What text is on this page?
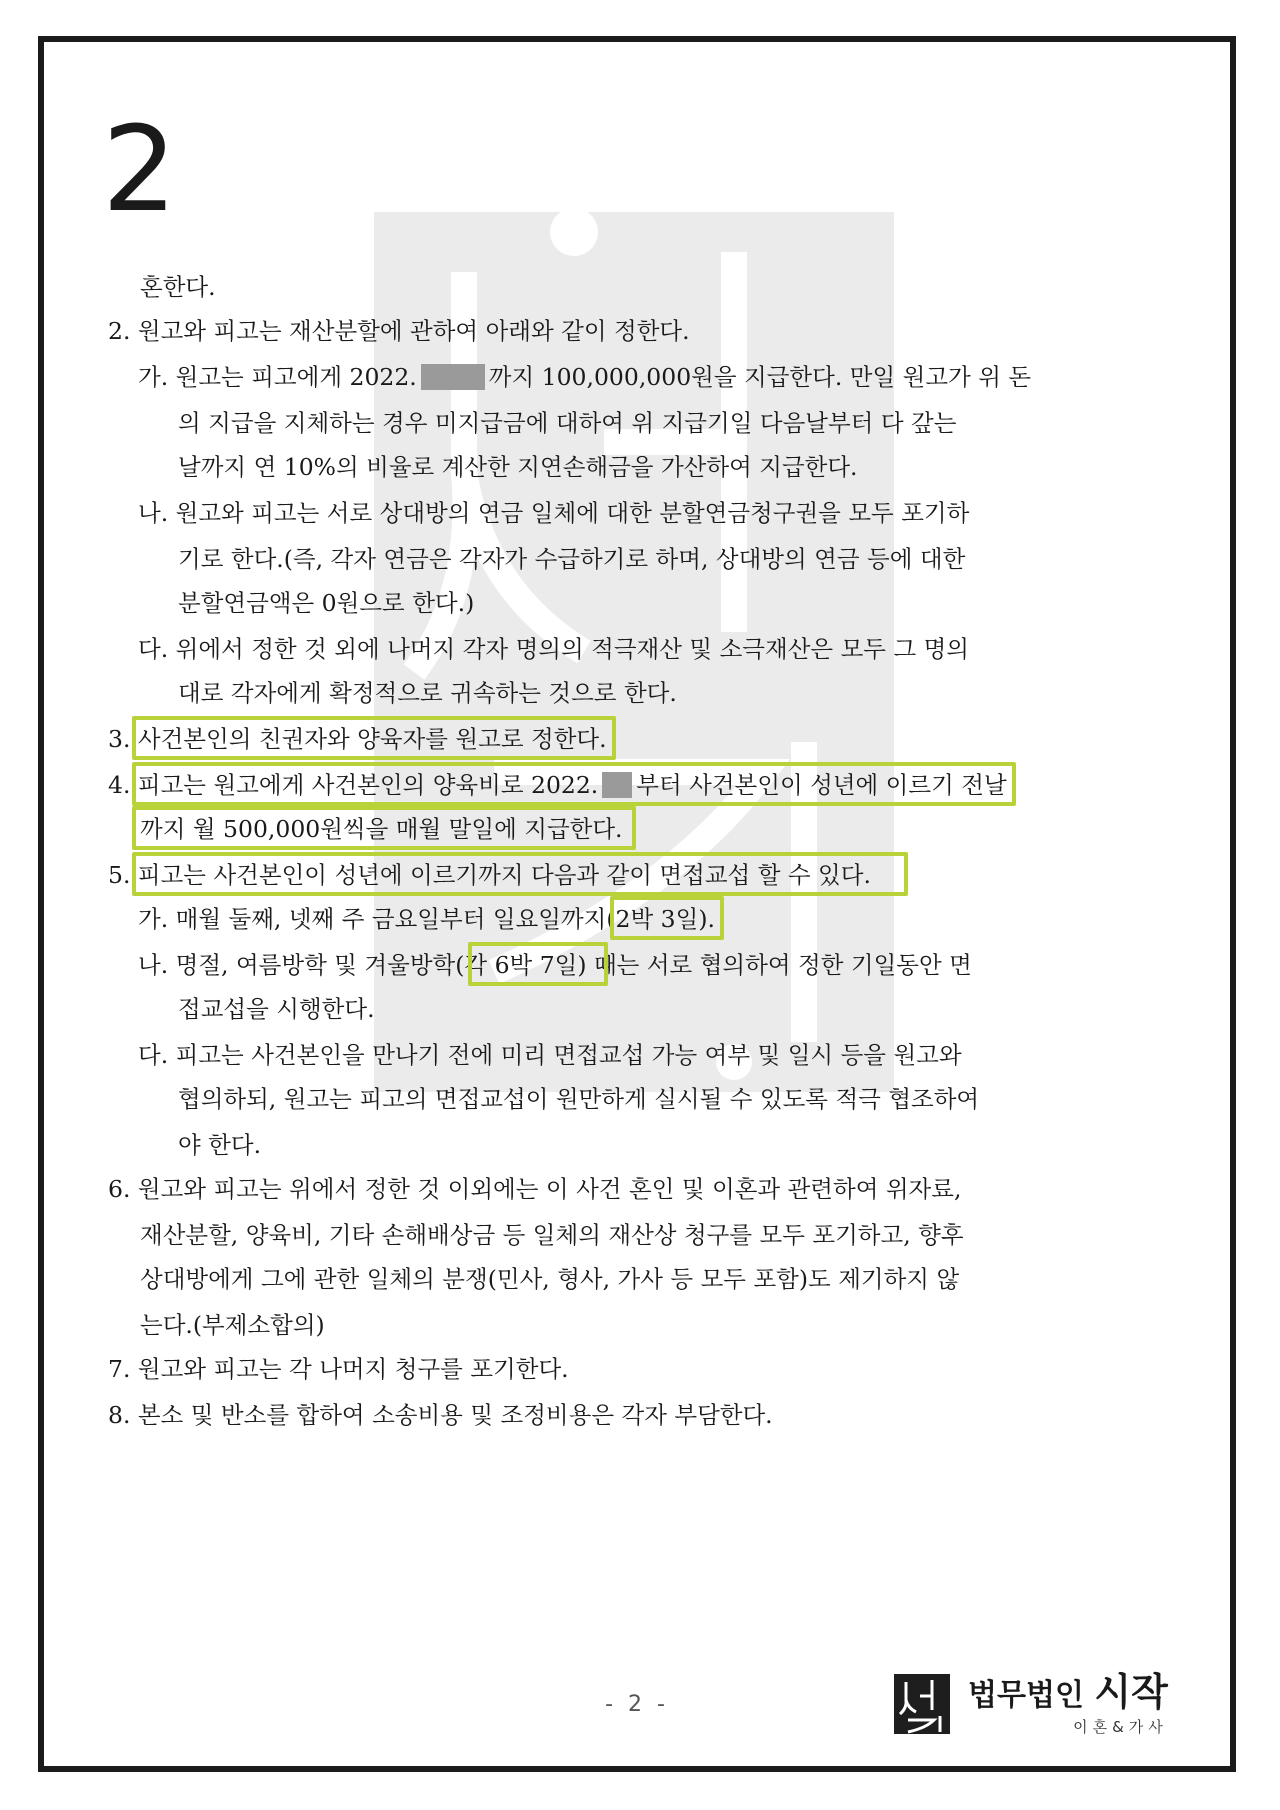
2
혼한다.
2. 원고와 피고는 재산분할에 관하여 아래와 같이 정한다.
가. 원고는 피고에게 2022.	까지 100,000,000원을 지급한다. 만일 원고가 위 돈
의 지급을 지체하는 경우 미지급금에 대하여 위 지급기일 다음날부터 다 갚는
날까지 연 10%의 비율로 계산한 지연손해금을 가산하여 지급한다.
나. 원고와 피고는 서로 상대방의 연금 일체에 대한 분할연금청구권을 모두 포기하
기로 한다.(즉, 각자 연금은 각자가 수급하기로 하며, 상대방의 연금 등에 대한
분할연금액은 0원으로 한다.)
다. 위에서 정한 것 외에 나머지 각자 명의의 적극재산 및 소극재산은 모두 그 명의
대로 각자에게 확정적으로 귀속하는 것으로 한다.
3. 사건본인의 친권자와 양육자를 원고로 정한다.
4. 피고는 원고에게 사건본인의 양육비로 2022. 부터 사건본인이 성년에 이르기 전날
까지 월 500,000원씩을 매월 말일에 지급한다.
5. 피고는 사건본인이 성년에 이르기까지 다음과 같이 면접교섭 할 수 있다.
가. 매월 둘째, 넷째 주 금요일부터 일요일까지(2박 3일).
나. 명절, 여름방학 및 겨울방학(각 6박 7일) 때는 서로 협의하여 정한 기일동안 면
접교섭을 시행한다.
다. 피고는 사건본인을 만나기 전에 미리 면접교섭 가능 여부 및 일시 등을 원고와
협의하되, 원고는 피고의 면접교섭이 원만하게 실시될 수 있도록 적극 협조하여
야 한다.
6. 원고와 피고는 위에서 정한 것 이외에는 이 사건 혼인 및 이혼과 관련하여 위자료,
재산분할, 양육비, 기타 손해배상금 등 일체의 재산상 청구를 모두 포기하고, 향후
상대방에게 그에 관한 일체의 분쟁(민사, 형사, 가사 등 모두 포함)도 제기하지 않
는다.(부제소합의)
7. 원고와 피고는 각 나머지 청구를 포기한다.
8. 본소 및 반소를 합하여 소송비용 및 조정비용은 각자 부담한다.
- 2 -	법무법인 시작
이혼&가사
